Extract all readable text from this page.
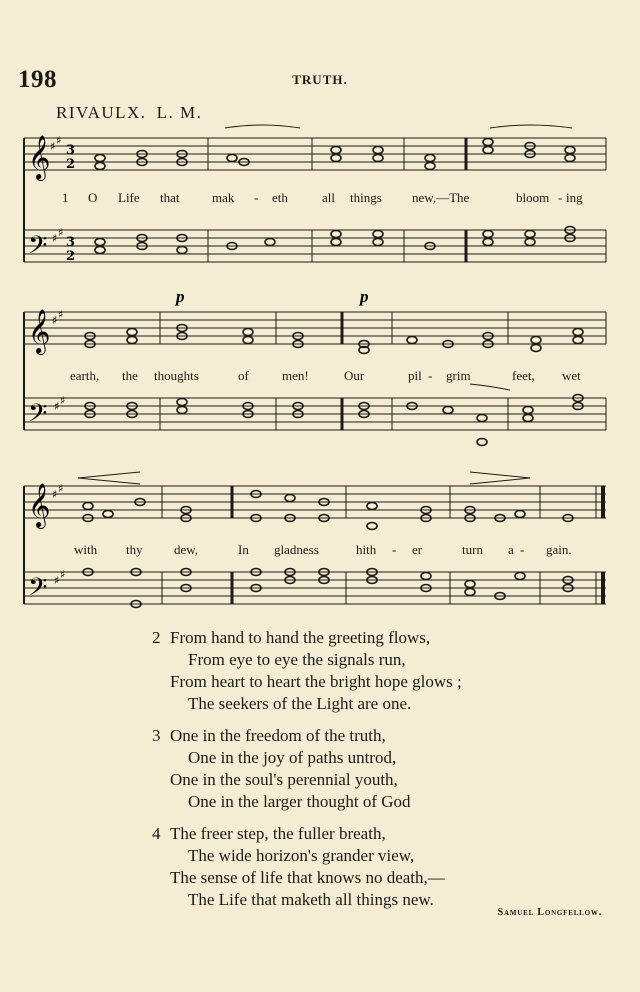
198	TRUTH.
RIVAULX. L. M.
𝄞
𝄢
♯ ♯
♯ ♯
3
2
3
2
1 O Life that	mak - eth	all things new,—The	bloom - ing
𝄞
𝄢
♯ ♯
♯ ♯
p	p
earth, the thoughts	of	men!	Our	pil - grim	feet, wet
𝄞
𝄢
♯ ♯
♯ ♯
with thy dew,	In gladness	hith - er	turn a - gain.
2 From hand to hand the greeting flows,
From eye to eye the signals run,
From heart to heart the bright hope glows ;
The seekers of the Light are one.
3 One in the freedom of the truth,
One in the joy of paths untrod,
One in the soul's perennial youth,
One in the larger thought of God
4 The freer step, the fuller breath,
The wide horizon's grander view,
The sense of life that knows no death,—
The Life that maketh all things new.
Samuel Longfellow.
